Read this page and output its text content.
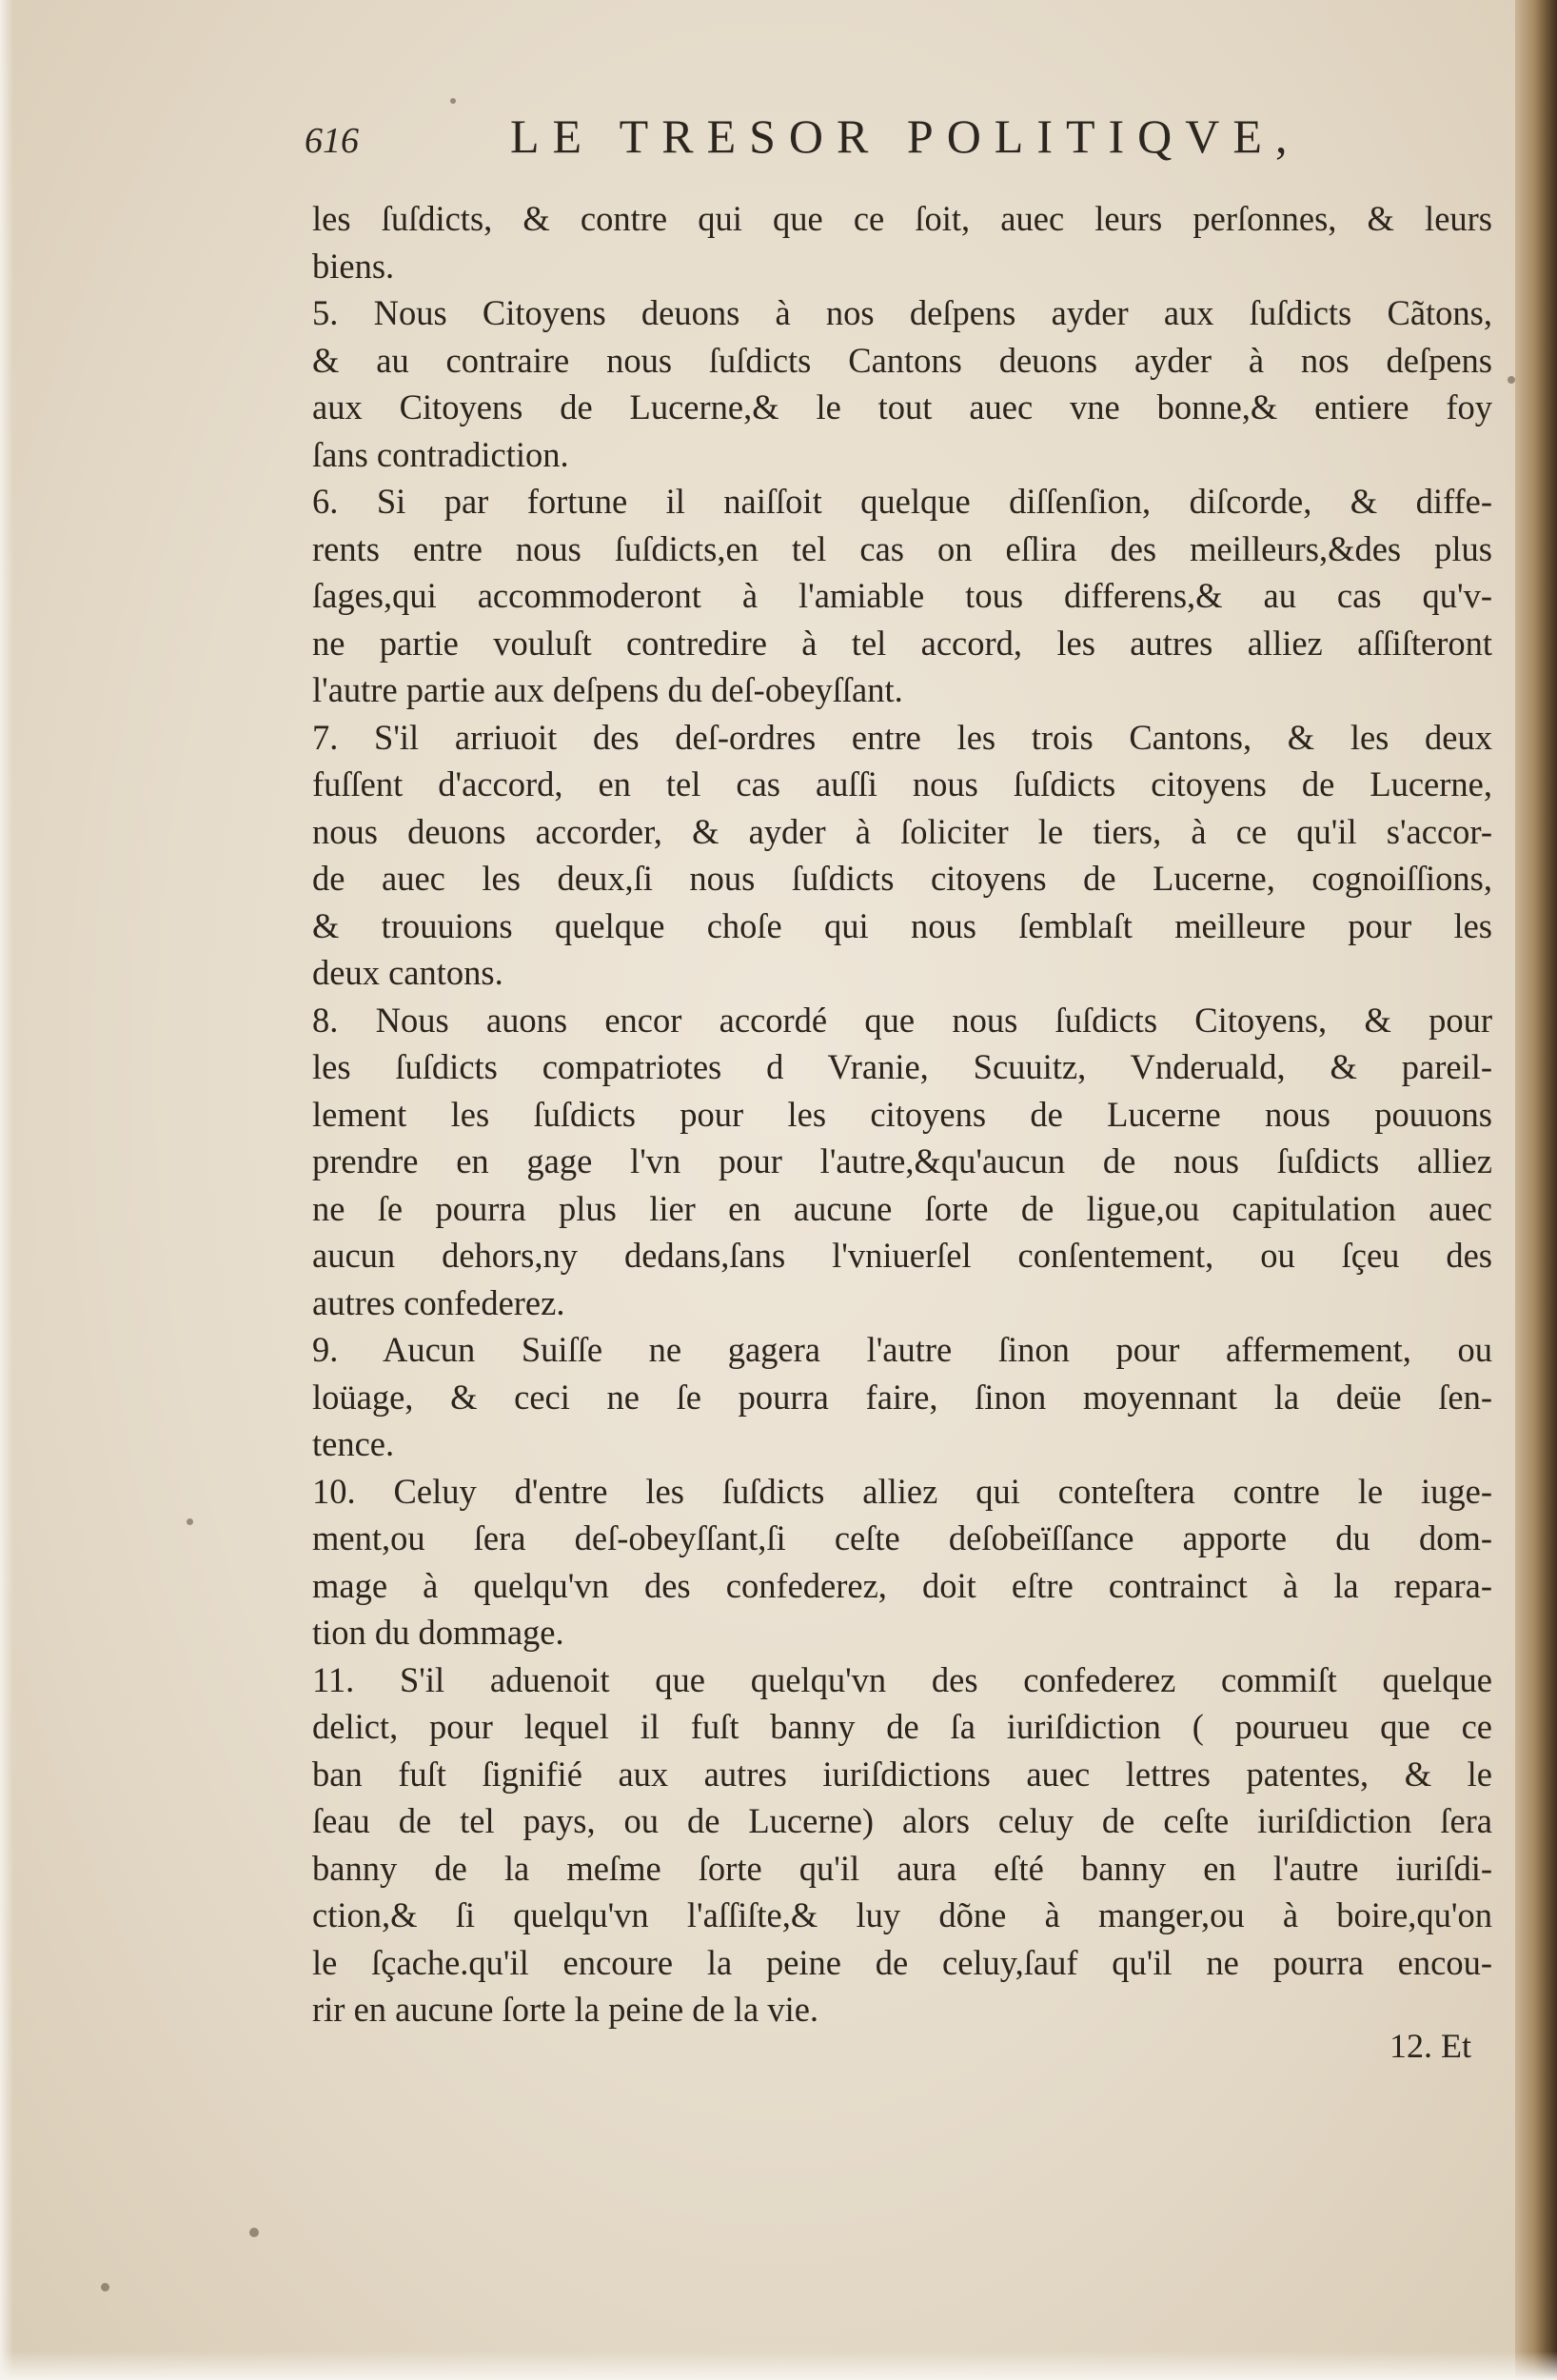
616	LE TRESOR POLITIQVE,
les ſuſdicts, & contre qui que ce ſoit, auec leurs perſonnes, & leurs
biens.
5. Nous Citoyens deuons à nos deſpens ayder aux ſuſdicts Cãtons,
& au contraire nous ſuſdicts Cantons deuons ayder à nos deſpens
aux Citoyens de Lucerne,& le tout auec vne bonne,& entiere foy
ſans contradiction.
6. Si par fortune il naiſſoit quelque diſſenſion, diſcorde, & diffe-
rents entre nous ſuſdicts,en tel cas on eſlira des meilleurs,&des plus
ſages,qui accommoderont à l'amiable tous differens,& au cas qu'v-
ne partie vouluſt contredire à tel accord, les autres alliez aſſiſteront
l'autre partie aux deſpens du deſ-obeyſſant.
7. S'il arriuoit des deſ-ordres entre les trois Cantons, & les deux
fuſſent d'accord, en tel cas auſſi nous ſuſdicts citoyens de Lucerne,
nous deuons accorder, & ayder à ſoliciter le tiers, à ce qu'il s'accor-
de auec les deux,ſi nous ſuſdicts citoyens de Lucerne, cognoiſſions,
& trouuions quelque choſe qui nous ſemblaſt meilleure pour les
deux cantons.
8. Nous auons encor accordé que nous ſuſdicts Citoyens, & pour
les ſuſdicts compatriotes d Vranie, Scuuitz, Vnderuald, & pareil-
lement les ſuſdicts pour les citoyens de Lucerne nous pouuons
prendre en gage l'vn pour l'autre,&qu'aucun de nous ſuſdicts alliez
ne ſe pourra plus lier en aucune ſorte de ligue,ou capitulation auec
aucun dehors,ny dedans,ſans l'vniuerſel conſentement, ou ſçeu des
autres confederez.
9. Aucun Suiſſe ne gagera l'autre ſinon pour affermement, ou
loüage, & ceci ne ſe pourra faire, ſinon moyennant la deüe ſen-
tence.
10. Celuy d'entre les ſuſdicts alliez qui conteſtera contre le iuge-
ment,ou ſera deſ-obeyſſant,ſi ceſte deſobeïſſance apporte du dom-
mage à quelqu'vn des confederez, doit eſtre contrainct à la repara-
tion du dommage.
11. S'il aduenoit que quelqu'vn des confederez commiſt quelque
delict, pour lequel il fuſt banny de ſa iuriſdiction ( pourueu que ce
ban fuſt ſignifié aux autres iuriſdictions auec lettres patentes, & le
ſeau de tel pays, ou de Lucerne) alors celuy de ceſte iuriſdiction ſera
banny de la meſme ſorte qu'il aura eſté banny en l'autre iuriſdi-
ction,& ſi quelqu'vn l'aſſiſte,& luy dõne à manger,ou à boire,qu'on
le ſçache.qu'il encoure la peine de celuy,ſauf qu'il ne pourra encou-
rir en aucune ſorte la peine de la vie.
12. Et
